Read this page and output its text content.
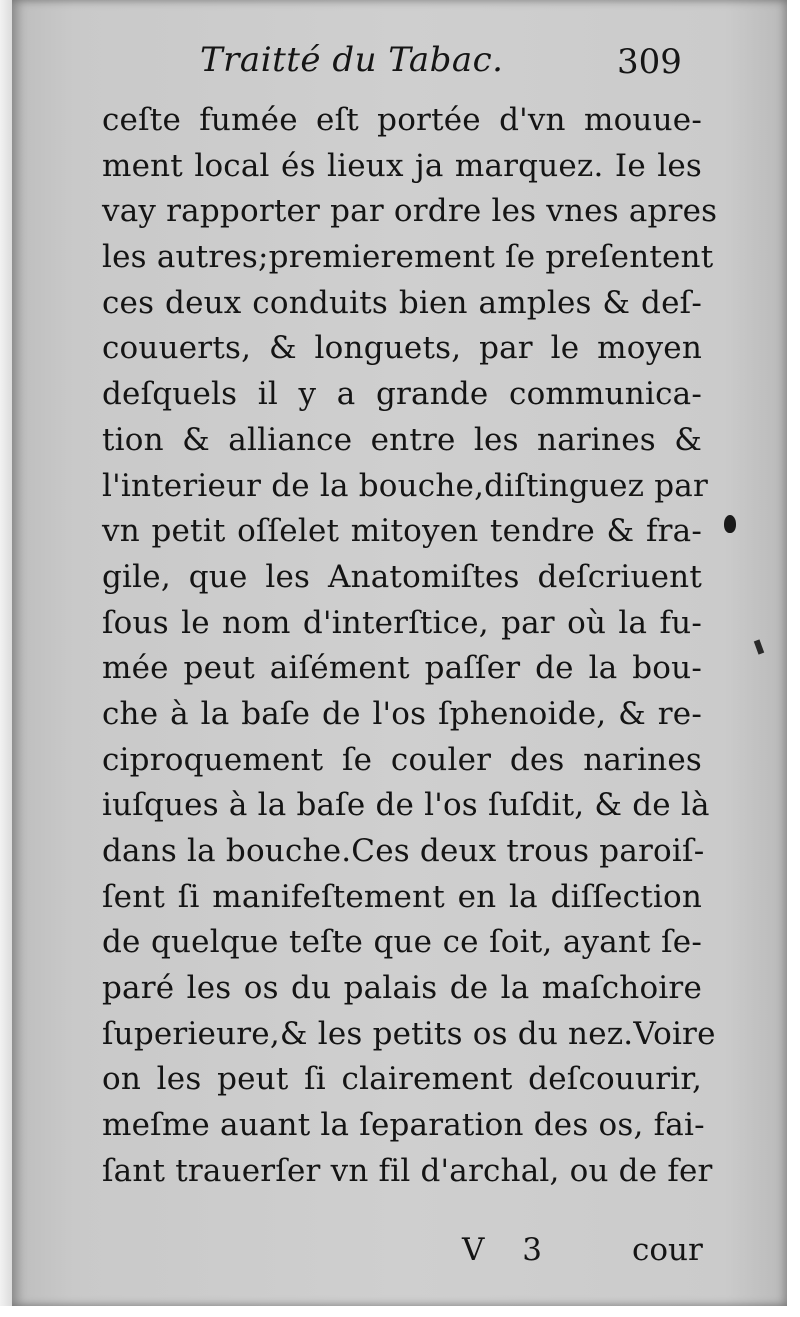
Traitté du Tabac.	309
ceſte fumée eſt portée d'vn mouue-
ment local és lieux ja marquez. Ie les
vay rapporter par ordre les vnes apres
les autres;premierement ſe preſentent
ces deux conduits bien amples & deſ-
couuerts, & longuets, par le moyen
deſquels il y a grande communica-
tion & alliance entre les narines &
l'interieur de la bouche,diſtinguez par
vn petit oſſelet mitoyen tendre & fra-
gile, que les Anatomiſtes deſcriuent
ſous le nom d'interſtice, par où la fu-
mée peut aiſément paſſer de la bou-
che à la baſe de l'os ſphenoide, & re-
ciproquement ſe couler des narines
iuſques à la baſe de l'os ſuſdit, & de là
dans la bouche.Ces deux trous paroiſ-
ſent ſi manifeſtement en la diſſection
de quelque teſte que ce ſoit, ayant ſe-
paré les os du palais de la maſchoire
ſuperieure,& les petits os du nez.Voire
on les peut ſi clairement deſcouurir,
meſme auant la ſeparation des os, fai-
ſant trauerſer vn fil d'archal, ou de fer
V 3 cour
